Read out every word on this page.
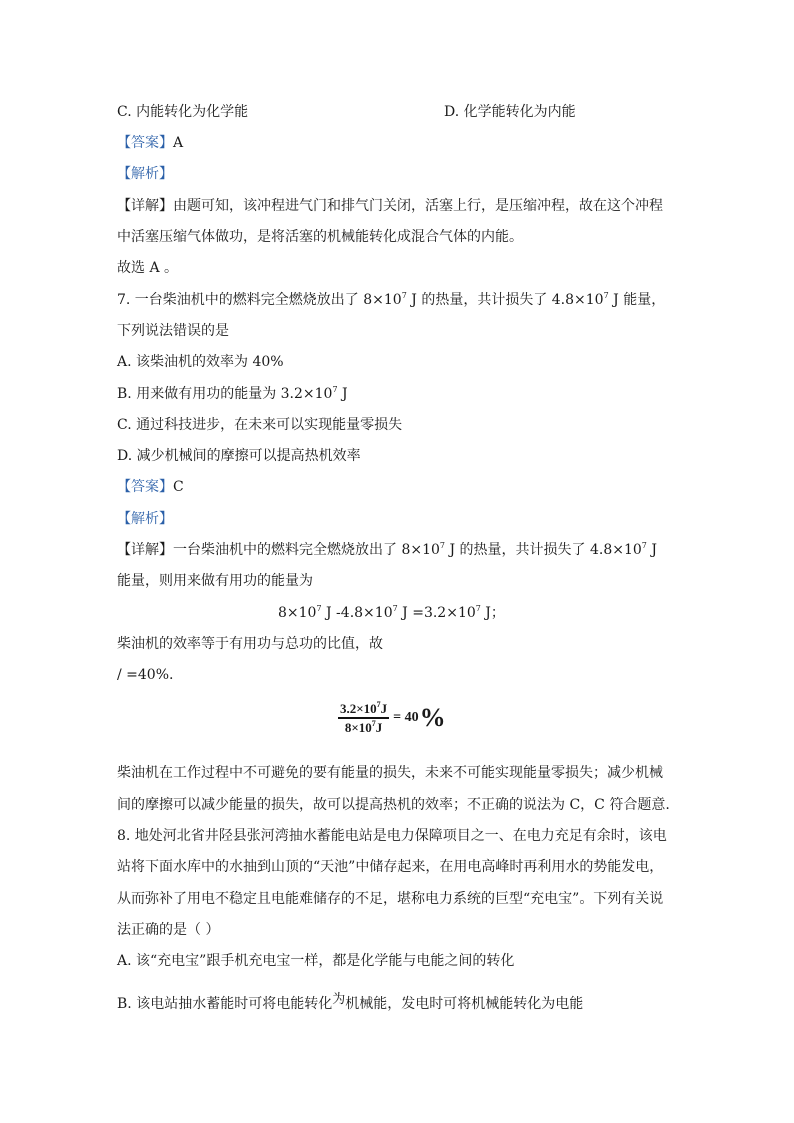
C. 内能转化为化学能	D. 化学能转化为内能
【答案】A
【解析】
【详解】由题可知，该冲程进气门和排气门关闭，活塞上行，是压缩冲程，故在这个冲程
中活塞压缩气体做功，是将活塞的机械能转化成混合气体的内能。
故选 A 。
7. 一台柴油机中的燃料完全燃烧放出了 $8\times 10^7$ J 的热量，共计损失了 $4.8\times 10^7$ J 能量，
下列说法错误的是
A. 该柴油机的效率为 40%
B. 用来做有用功的能量为 $3.2\times 10^7$ J
C. 通过科技进步，在未来可以实现能量零损失
D. 减少机械间的摩擦可以提高热机效率
【答案】C
【解析】
【详解】一台柴油机中的燃料完全燃烧放出了 $8\times 10^7$ J 的热量，共计损失了 $4.8\times 10^7$ J
能量，则用来做有用功的能量为
$8\times 10^7$ J $-4.8\times 10^7$ $J =3.2\times 10^7$ J；
柴油机的效率等于有用功与总功的比值，故
/ =40%.
$\frac{3.2\times 10^7J}{8\times 10^7J} = 40\%$
柴油机在工作过程中不可避免的要有能量的损失，未来不可能实现能量零损失；减少机械
间的摩擦可以减少能量的损失，故可以提高热机的效率；不正确的说法为 C，C 符合题意.
8. 地处河北省井陉县张河湾抽水蓄能电站是电力保障项目之一、在电力充足有余时，该电
站将下面水库中的水抽到山顶的“天池”中储存起来，在用电高峰时再利用水的势能发电，
从而弥补了用电不稳定且电能难储存的不足，堪称电力系统的巨型“充电宝”。下列有关说
法正确的是（ ）
A. 该“充电宝”跟手机充电宝一样，都是化学能与电能之间的转化
B. 该电站抽水蓄能时可将电能转化为机械能，发电时可将机械能转化为电能
